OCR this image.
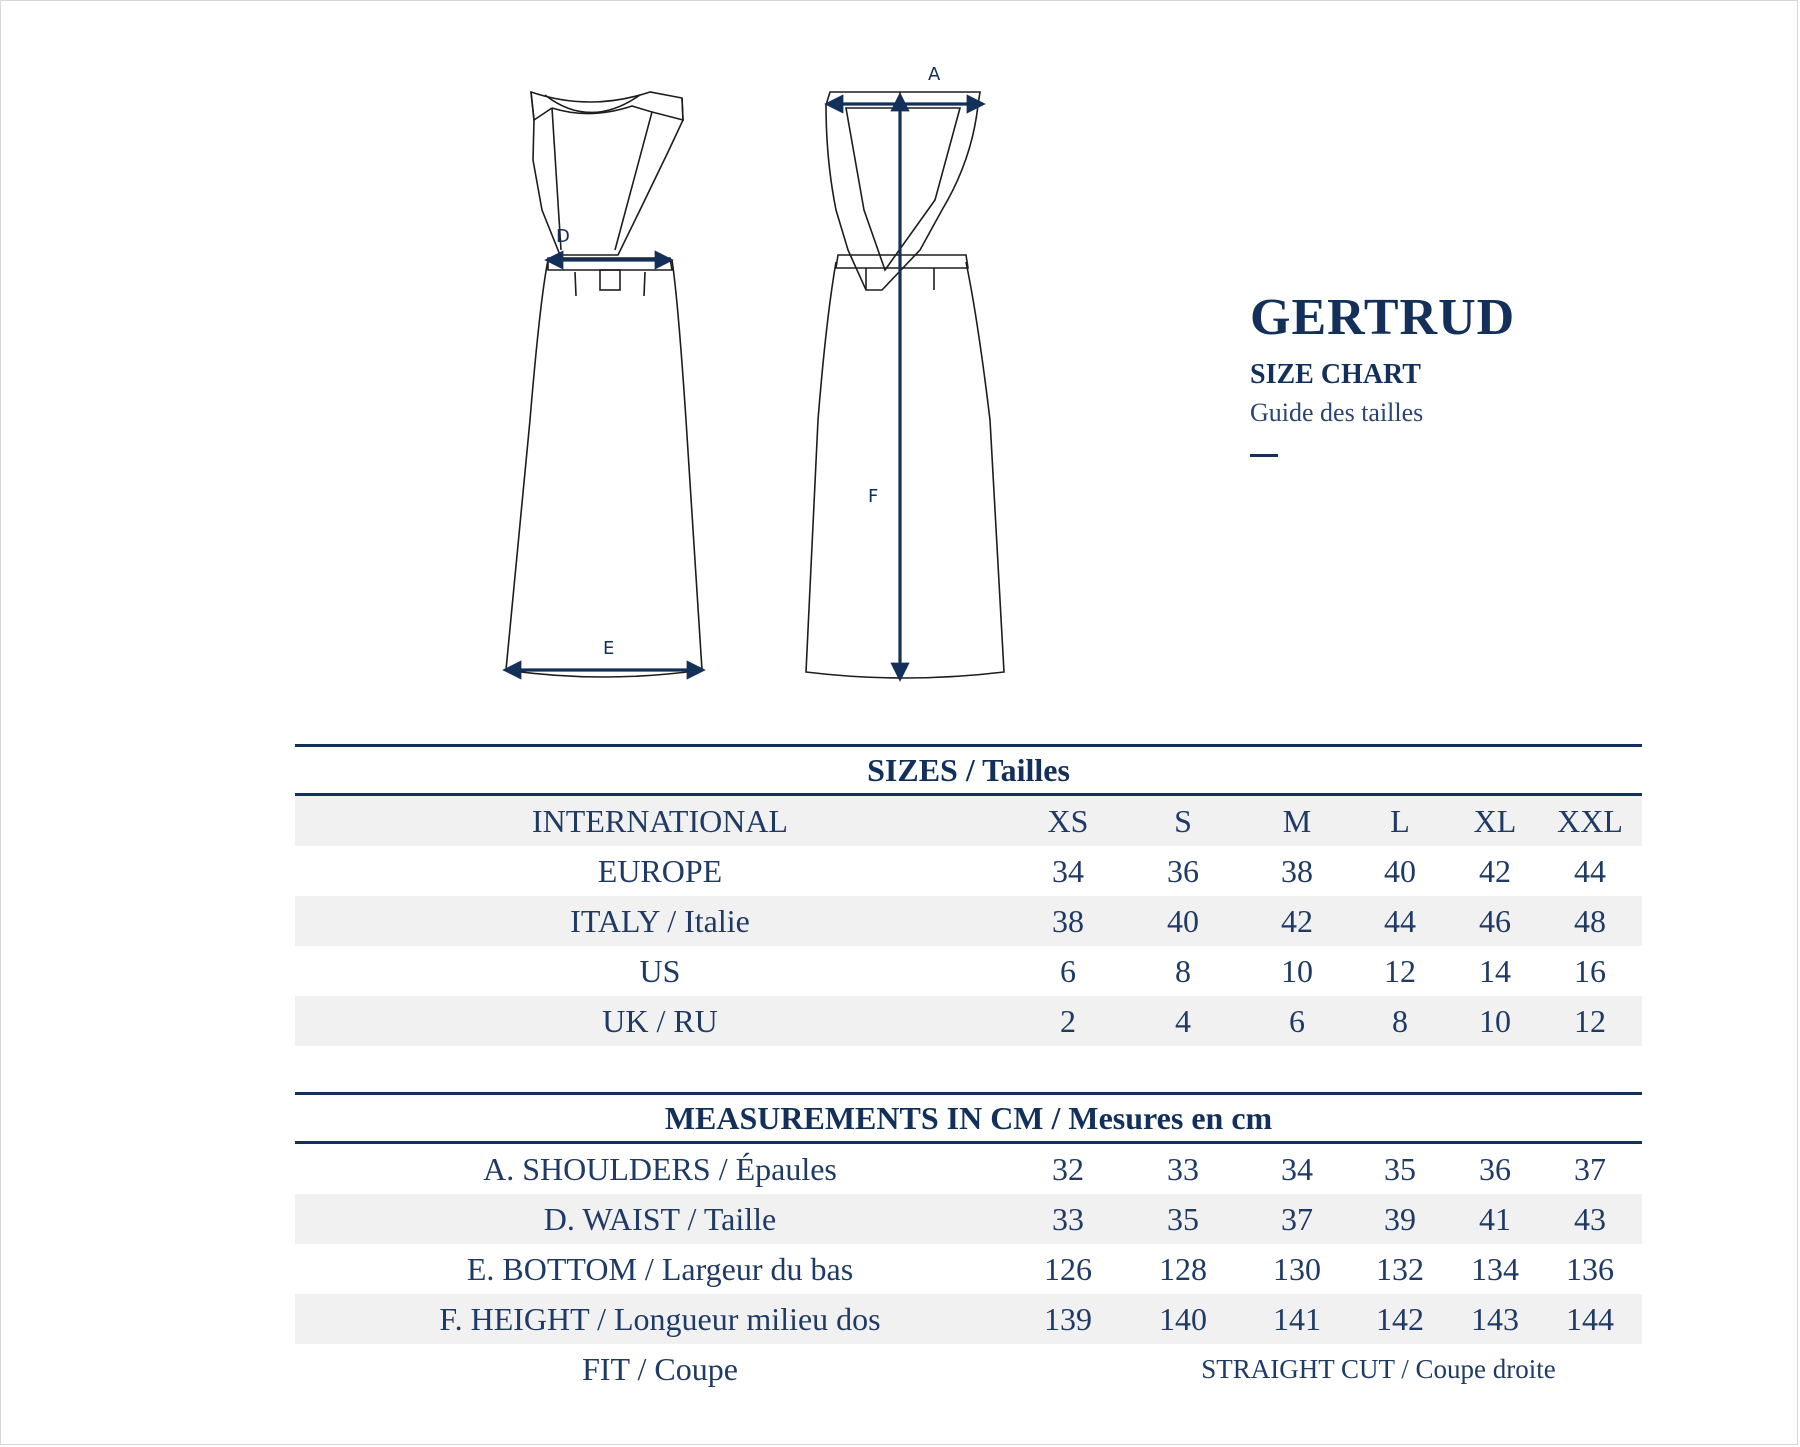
A
D
E
F
GERTRUD
SIZE CHART
Guide des tailles
SIZES / Tailles
INTERNATIONAL	XS	S	M	L	XL	XXL
EUROPE	34	36	38	40	42	44
ITALY / Italie	38	40	42	44	46	48
US	6	8	10	12	14	16
UK / RU	2	4	6	8	10	12
MEASUREMENTS IN CM / Mesures en cm
A. SHOULDERS / Épaules	32	33	34	35	36	37
D. WAIST / Taille	33	35	37	39	41	43
E. BOTTOM / Largeur du bas	126	128	130	132	134	136
F. HEIGHT / Longueur milieu dos	139	140	141	142	143	144
FIT / Coupe	STRAIGHT CUT / Coupe droite
